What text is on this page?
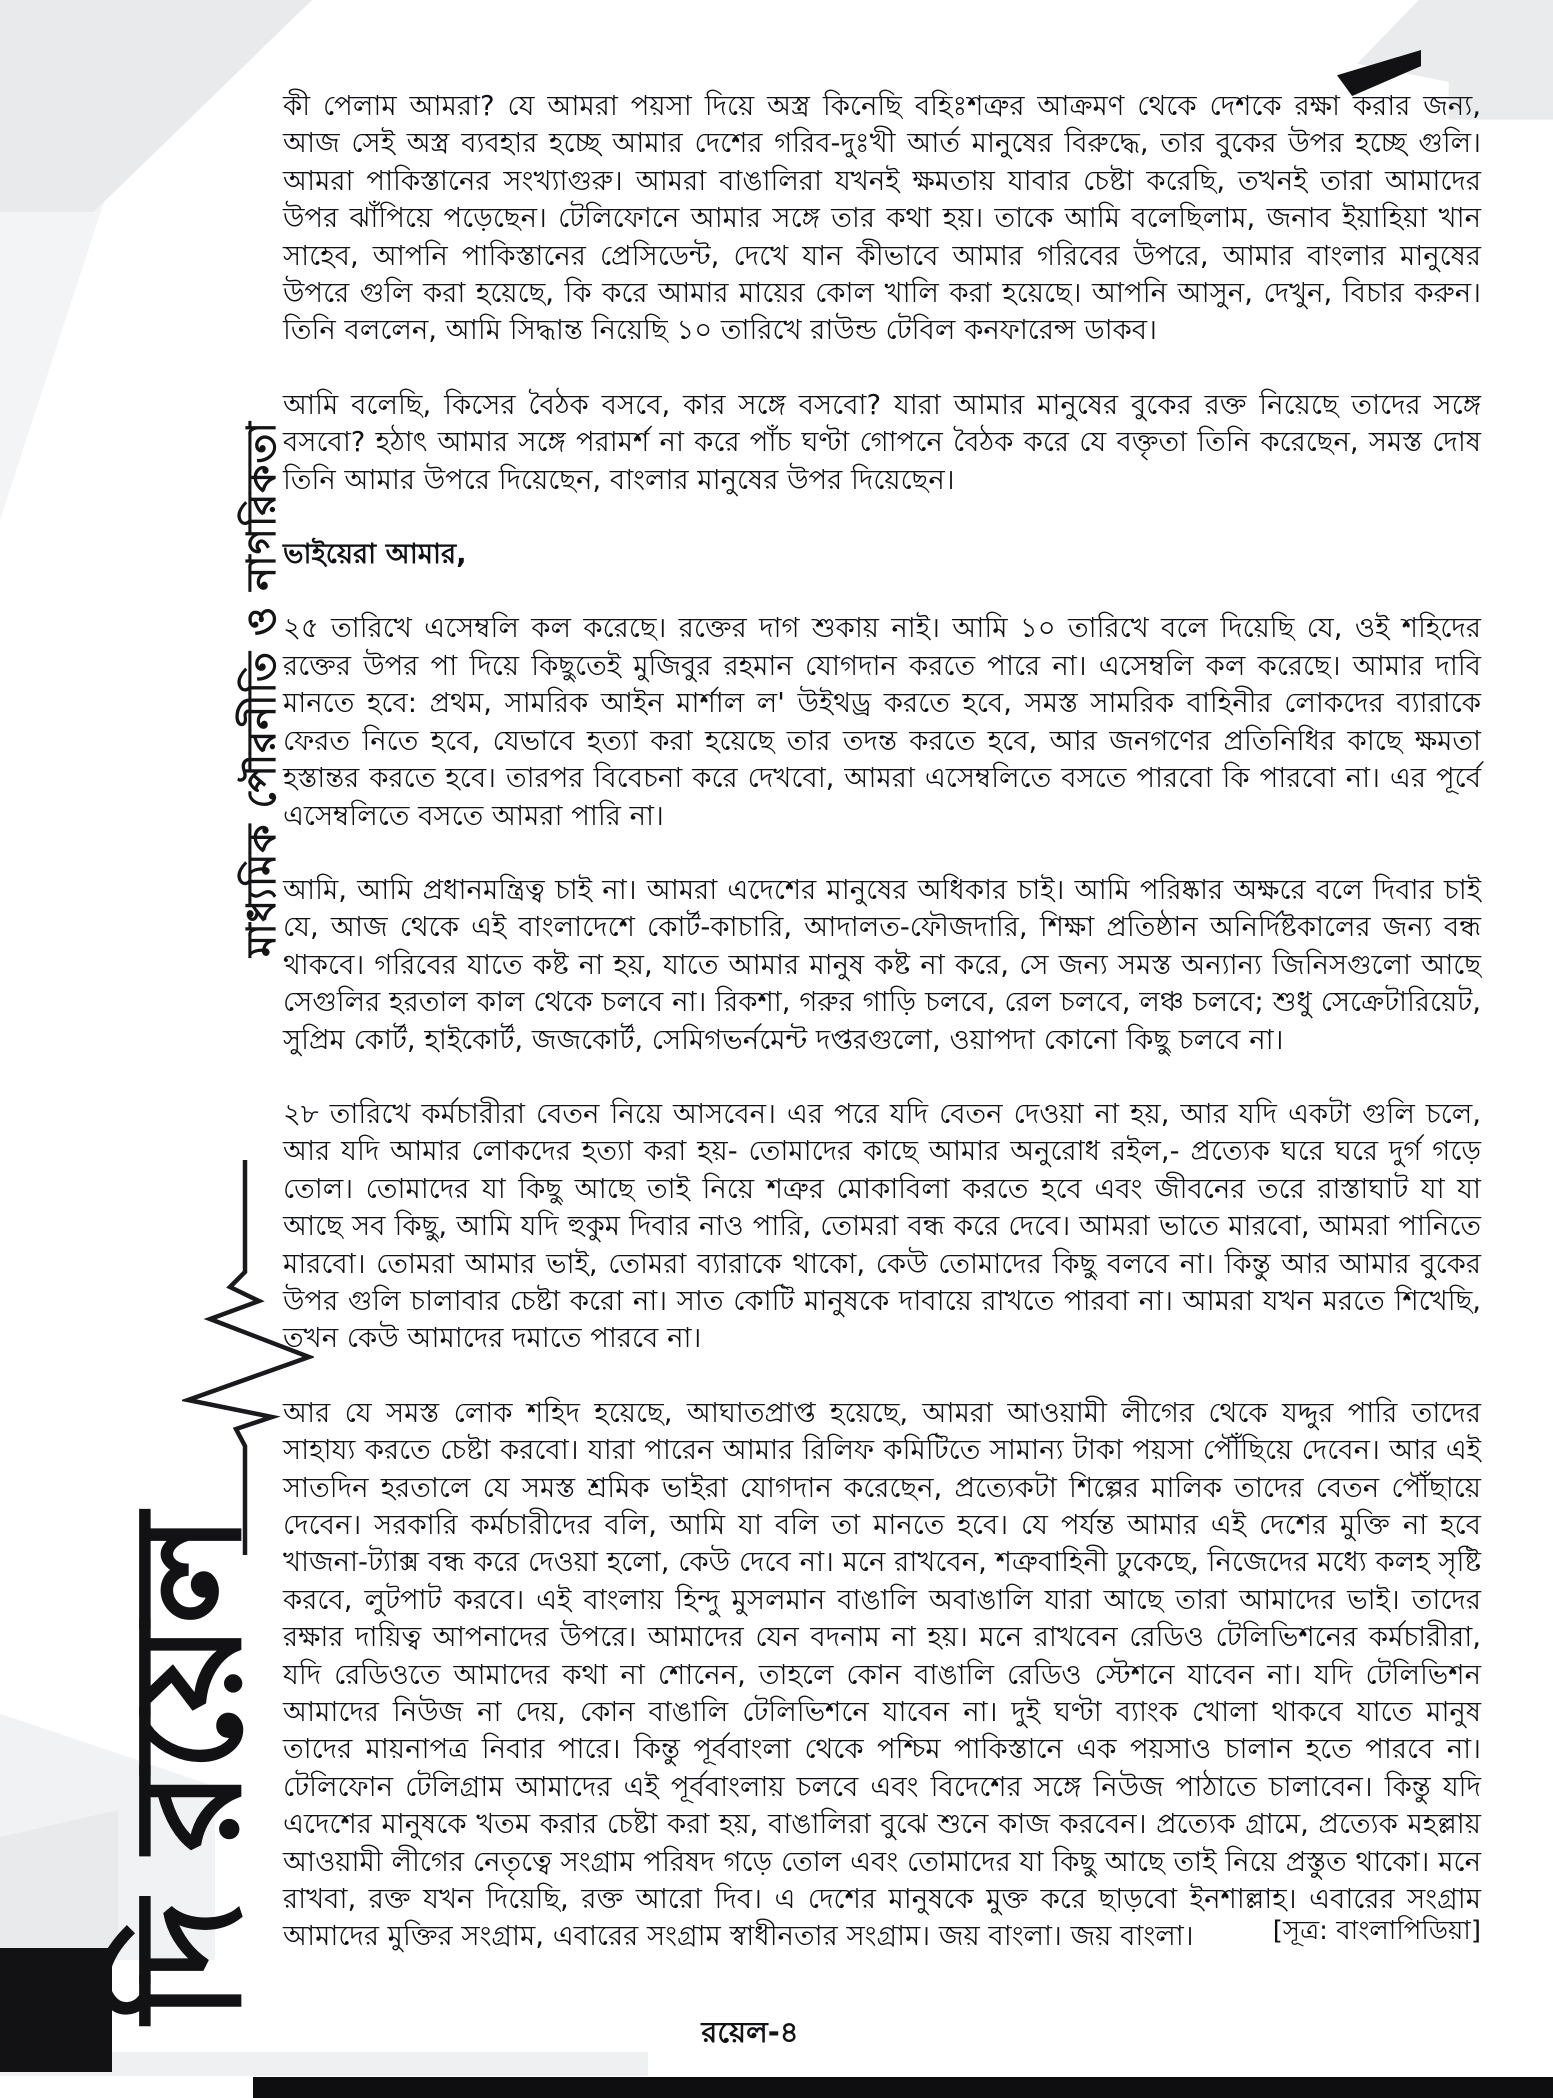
মাধ্যমিক পৌরনীতি ও নাগরিকতা
দি রয়েল

কী পেলাম আমরা? যে আমরা পয়সা দিয়ে অস্ত্র কিনেছি বহিঃশত্রুর আক্রমণ থেকে দেশকে রক্ষা করার জন্য, আজ সেই অস্ত্র ব্যবহার হচ্ছে আমার দেশের গরিব-দুঃখী আর্ত মানুষের বিরুদ্ধে, তার বুকের উপর হচ্ছে গুলি। আমরা পাকিস্তানের সংখ্যাগুরু। আমরা বাঙালিরা যখনই ক্ষমতায় যাবার চেষ্টা করেছি, তখনই তারা আমাদের উপর ঝাঁপিয়ে পড়েছেন। টেলিফোনে আমার সঙ্গে তার কথা হয়। তাকে আমি বলেছিলাম, জনাব ইয়াহিয়া খান সাহেব, আপনি পাকিস্তানের প্রেসিডেন্ট, দেখে যান কীভাবে আমার গরিবের উপরে, আমার বাংলার মানুষের উপরে গুলি করা হয়েছে, কি করে আমার মায়ের কোল খালি করা হয়েছে। আপনি আসুন, দেখুন, বিচার করুন। তিনি বললেন, আমি সিদ্ধান্ত নিয়েছি ১০ তারিখে রাউন্ড টেবিল কনফারেন্স ডাকব।

আমি বলেছি, কিসের বৈঠক বসবে, কার সঙ্গে বসবো? যারা আমার মানুষের বুকের রক্ত নিয়েছে তাদের সঙ্গে বসবো? হঠাৎ আমার সঙ্গে পরামর্শ না করে পাঁচ ঘণ্টা গোপনে বৈঠক করে যে বক্তৃতা তিনি করেছেন, সমস্ত দোষ তিনি আমার উপরে দিয়েছেন, বাংলার মানুষের উপর দিয়েছেন।

ভাইয়েরা আমার,

২৫ তারিখে এসেম্বলি কল করেছে। রক্তের দাগ শুকায় নাই। আমি ১০ তারিখে বলে দিয়েছি যে, ওই শহিদের রক্তের উপর পা দিয়ে কিছুতেই মুজিবুর রহমান যোগদান করতে পারে না। এসেম্বলি কল করেছে। আমার দাবি মানতে হবে: প্রথম, সামরিক আইন মার্শাল ল' উইথড্র করতে হবে, সমস্ত সামরিক বাহিনীর লোকদের ব্যারাকে ফেরত নিতে হবে, যেভাবে হত্যা করা হয়েছে তার তদন্ত করতে হবে, আর জনগণের প্রতিনিধির কাছে ক্ষমতা হস্তান্তর করতে হবে। তারপর বিবেচনা করে দেখবো, আমরা এসেম্বলিতে বসতে পারবো কি পারবো না। এর পূর্বে এসেম্বলিতে বসতে আমরা পারি না।

আমি, আমি প্রধানমন্ত্রিত্ব চাই না। আমরা এদেশের মানুষের অধিকার চাই। আমি পরিষ্কার অক্ষরে বলে দিবার চাই যে, আজ থেকে এই বাংলাদেশে কোর্ট-কাচারি, আদালত-ফৌজদারি, শিক্ষা প্রতিষ্ঠান অনির্দিষ্টকালের জন্য বন্ধ থাকবে। গরিবের যাতে কষ্ট না হয়, যাতে আমার মানুষ কষ্ট না করে, সে জন্য সমস্ত অন্যান্য জিনিসগুলো আছে সেগুলির হরতাল কাল থেকে চলবে না। রিকশা, গরুর গাড়ি চলবে, রেল চলবে, লঞ্চ চলবে; শুধু সেক্রেটারিয়েট, সুপ্রিম কোর্ট, হাইকোর্ট, জজকোর্ট, সেমিগভর্নমেন্ট দপ্তরগুলো, ওয়াপদা কোনো কিছু চলবে না।

২৮ তারিখে কর্মচারীরা বেতন নিয়ে আসবেন। এর পরে যদি বেতন দেওয়া না হয়, আর যদি একটা গুলি চলে, আর যদি আমার লোকদের হত্যা করা হয়- তোমাদের কাছে আমার অনুরোধ রইল,- প্রত্যেক ঘরে ঘরে দুর্গ গড়ে তোল। তোমাদের যা কিছু আছে তাই নিয়ে শত্রুর মোকাবিলা করতে হবে এবং জীবনের তরে রাস্তাঘাট যা যা আছে সব কিছু, আমি যদি হুকুম দিবার নাও পারি, তোমরা বন্ধ করে দেবে। আমরা ভাতে মারবো, আমরা পানিতে মারবো। তোমরা আমার ভাই, তোমরা ব্যারাকে থাকো, কেউ তোমাদের কিছু বলবে না। কিন্তু আর আমার বুকের উপর গুলি চালাবার চেষ্টা করো না। সাত কোটি মানুষকে দাবায়ে রাখতে পারবা না। আমরা যখন মরতে শিখেছি, তখন কেউ আমাদের দমাতে পারবে না।

আর যে সমস্ত লোক শহিদ হয়েছে, আঘাতপ্রাপ্ত হয়েছে, আমরা আওয়ামী লীগের থেকে যদ্দুর পারি তাদের সাহায্য করতে চেষ্টা করবো। যারা পারেন আমার রিলিফ কমিটিতে সামান্য টাকা পয়সা পৌঁছিয়ে দেবেন। আর এই সাতদিন হরতালে যে সমস্ত শ্রমিক ভাইরা যোগদান করেছেন, প্রত্যেকটা শিল্পের মালিক তাদের বেতন পৌঁছায়ে দেবেন। সরকারি কর্মচারীদের বলি, আমি যা বলি তা মানতে হবে। যে পর্যন্ত আমার এই দেশের মুক্তি না হবে খাজনা-ট্যাক্স বন্ধ করে দেওয়া হলো, কেউ দেবে না। মনে রাখবেন, শত্রুবাহিনী ঢুকেছে, নিজেদের মধ্যে কলহ সৃষ্টি করবে, লুটপাট করবে। এই বাংলায় হিন্দু মুসলমান বাঙালি অবাঙালি যারা আছে তারা আমাদের ভাই। তাদের রক্ষার দায়িত্ব আপনাদের উপরে। আমাদের যেন বদনাম না হয়। মনে রাখবেন রেডিও টেলিভিশনের কর্মচারীরা, যদি রেডিওতে আমাদের কথা না শোনেন, তাহলে কোন বাঙালি রেডিও স্টেশনে যাবেন না। যদি টেলিভিশন আমাদের নিউজ না দেয়, কোন বাঙালি টেলিভিশনে যাবেন না। দুই ঘণ্টা ব্যাংক খোলা থাকবে যাতে মানুষ তাদের মায়নাপত্র নিবার পারে। কিন্তু পূর্ববাংলা থেকে পশ্চিম পাকিস্তানে এক পয়সাও চালান হতে পারবে না। টেলিফোন টেলিগ্রাম আমাদের এই পূর্ববাংলায় চলবে এবং বিদেশের সঙ্গে নিউজ পাঠাতে চালাবেন। কিন্তু যদি এদেশের মানুষকে খতম করার চেষ্টা করা হয়, বাঙালিরা বুঝে শুনে কাজ করবেন। প্রত্যেক গ্রামে, প্রত্যেক মহল্লায় আওয়ামী লীগের নেতৃত্বে সংগ্রাম পরিষদ গড়ে তোল এবং তোমাদের যা কিছু আছে তাই নিয়ে প্রস্তুত থাকো। মনে রাখবা, রক্ত যখন দিয়েছি, রক্ত আরো দিব। এ দেশের মানুষকে মুক্ত করে ছাড়বো ইনশাল্লাহ। এবারের সংগ্রাম আমাদের মুক্তির সংগ্রাম, এবারের সংগ্রাম স্বাধীনতার সংগ্রাম। জয় বাংলা। জয় বাংলা।	[সূত্র: বাংলাপিডিয়া]
রয়েল-৪
